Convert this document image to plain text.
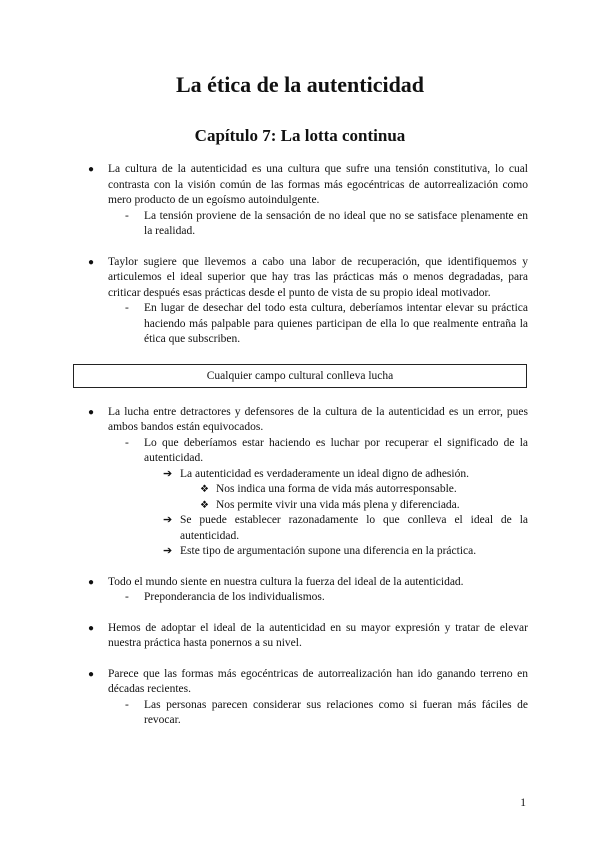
La ética de la autenticidad
Capítulo 7: La lotta continua
● La cultura de la autenticidad es una cultura que sufre una tensión constitutiva, lo cual contrasta con la visión común de las formas más egocéntricas de autorrealización como mero producto de un egoísmo autoindulgente.
- La tensión proviene de la sensación de no ideal que no se satisface plenamente en la realidad.
● Taylor sugiere que llevemos a cabo una labor de recuperación, que identifiquemos y articulemos el ideal superior que hay tras las prácticas más o menos degradadas, para criticar después esas prácticas desde el punto de vista de su propio ideal motivador.
- En lugar de desechar del todo esta cultura, deberíamos intentar elevar su práctica haciendo más palpable para quienes participan de ella lo que realmente entraña la ética que subscriben.
Cualquier campo cultural conlleva lucha
● La lucha entre detractores y defensores de la cultura de la autenticidad es un error, pues ambos bandos están equivocados.
- Lo que deberíamos estar haciendo es luchar por recuperar el significado de la autenticidad.
➔ La autenticidad es verdaderamente un ideal digno de adhesión.
❖ Nos indica una forma de vida más autorresponsable.
❖ Nos permite vivir una vida más plena y diferenciada.
➔ Se puede establecer razonadamente lo que conlleva el ideal de la autenticidad.
➔ Este tipo de argumentación supone una diferencia en la práctica.
● Todo el mundo siente en nuestra cultura la fuerza del ideal de la autenticidad.
- Preponderancia de los individualismos.
● Hemos de adoptar el ideal de la autenticidad en su mayor expresión y tratar de elevar nuestra práctica hasta ponernos a su nivel.
● Parece que las formas más egocéntricas de autorrealización han ido ganando terreno en décadas recientes.
- Las personas parecen considerar sus relaciones como si fueran más fáciles de revocar.
1
